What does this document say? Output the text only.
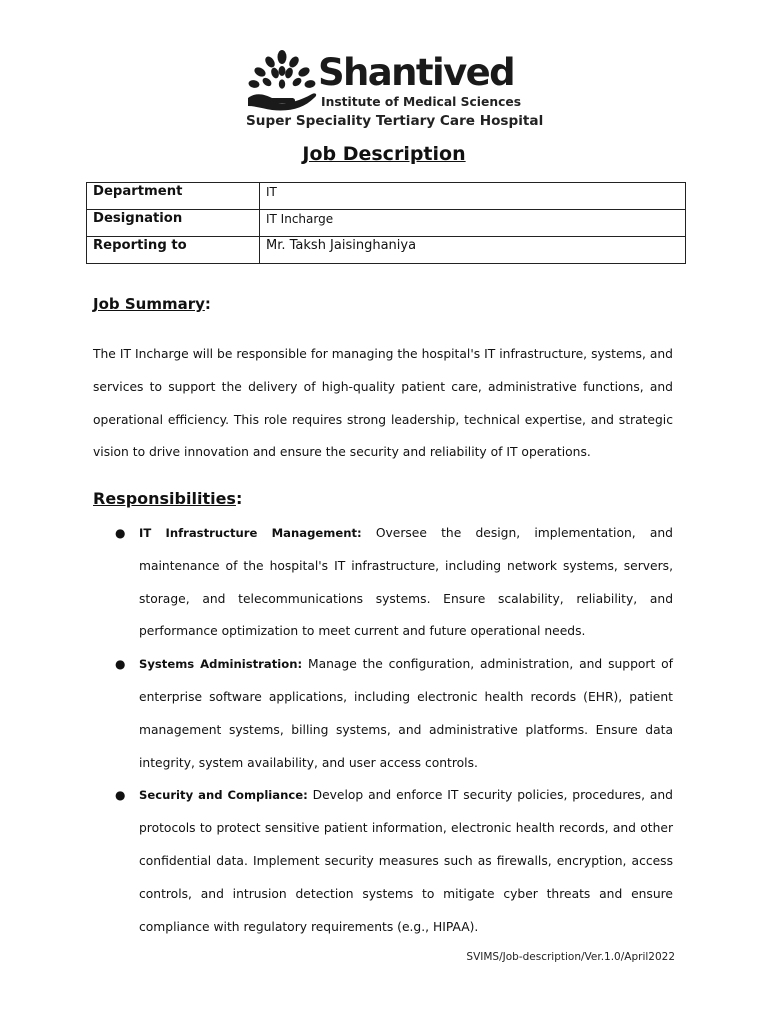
Shantived
Institute of Medical Sciences
Super Speciality Tertiary Care Hospital
Job Description
Department	IT
Designation	IT Incharge
Reporting to	Mr. Taksh Jaisinghaniya
Job Summary:
The IT Incharge will be responsible for managing the hospital's IT infrastructure, systems, and services to support the delivery of high-quality patient care, administrative functions, and operational efficiency. This role requires strong leadership, technical expertise, and strategic vision to drive innovation and ensure the security and reliability of IT operations.
Responsibilities:
● IT Infrastructure Management: Oversee the design, implementation, and maintenance of the hospital's IT infrastructure, including network systems, servers, storage, and telecommunications systems. Ensure scalability, reliability, and performance optimization to meet current and future operational needs.
● Systems Administration: Manage the configuration, administration, and support of enterprise software applications, including electronic health records (EHR), patient management systems, billing systems, and administrative platforms. Ensure data integrity, system availability, and user access controls.
● Security and Compliance: Develop and enforce IT security policies, procedures, and protocols to protect sensitive patient information, electronic health records, and other confidential data. Implement security measures such as firewalls, encryption, access controls, and intrusion detection systems to mitigate cyber threats and ensure compliance with regulatory requirements (e.g., HIPAA).
SVIMS/Job-description/Ver.1.0/April2022
